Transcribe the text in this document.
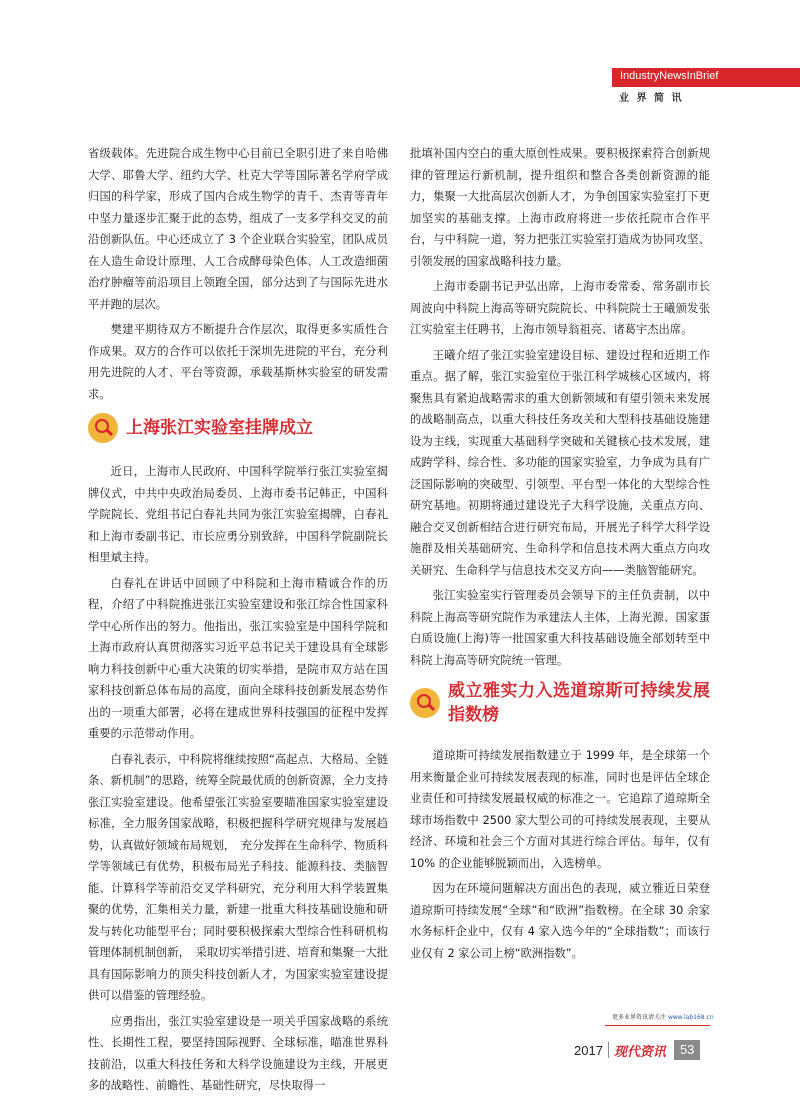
IndustryNewsInBrief
业 界 简 讯

省级载体。先进院合成生物中心目前已全职引进了来自哈佛大学、耶鲁大学、纽约大学、杜克大学等国际著名学府学成归国的科学家，形成了国内合成生物学的青千、杰青等青年中坚力量逐步汇聚于此的态势，组成了一支多学科交叉的前沿创新队伍。中心还成立了 3 个企业联合实验室，团队成员在人造生命设计原理、人工合成酵母染色体、人工改造细菌治疗肿瘤等前沿项目上领跑全国，部分达到了与国际先进水平并跑的层次。

樊建平期待双方不断提升合作层次，取得更多实质性合作成果。双方的合作可以依托于深圳先进院的平台，充分利用先进院的人才、平台等资源，承载基斯林实验室的研发需求。

上海张江实验室挂牌成立

近日，上海市人民政府、中国科学院举行张江实验室揭牌仪式，中共中央政治局委员、上海市委书记韩正，中国科学院院长、党组书记白春礼共同为张江实验室揭牌，白春礼和上海市委副书记、市长应勇分别致辞，中国科学院副院长相里斌主持。

白春礼在讲话中回顾了中科院和上海市精诚合作的历程，介绍了中科院推进张江实验室建设和张江综合性国家科学中心所作出的努力。他指出，张江实验室是中国科学院和上海市政府认真贯彻落实习近平总书记关于建设具有全球影响力科技创新中心重大决策的切实举措，是院市双方站在国家科技创新总体布局的高度，面向全球科技创新发展态势作出的一项重大部署，必将在建成世界科技强国的征程中发挥重要的示范带动作用。

白春礼表示，中科院将继续按照“高起点、大格局、全链条、新机制”的思路，统筹全院最优质的创新资源，全力支持张江实验室建设。他希望张江实验室要瞄准国家实验室建设标准，全力服务国家战略，积极把握科学研究规律与发展趋势，认真做好领域布局规划，　充分发挥在生命科学、物质科学等领域已有优势，积极布局光子科技、能源科技、类脑智能、计算科学等前沿交叉学科研究，充分利用大科学装置集聚的优势，汇集相关力量，新建一批重大科技基础设施和研发与转化功能型平台；同时要积极探索大型综合性科研机构管理体制机制创新，　采取切实举措引进、培育和集聚一大批具有国际影响力的顶尖科技创新人才，为国家实验室建设提供可以借鉴的管理经验。

应勇指出，张江实验室建设是一项关乎国家战略的系统性、长期性工程，要坚持国际视野、全球标准，瞄准世界科技前沿，以重大科技任务和大科学设施建设为主线，开展更多的战略性、前瞻性、基础性研究，尽快取得一

批填补国内空白的重大原创性成果。要积极探索符合创新规律的管理运行新机制，提升组织和整合各类创新资源的能力，集聚一大批高层次创新人才，为争创国家实验室打下更加坚实的基础支撑。上海市政府将进一步依托院市合作平台，与中科院一道，努力把张江实验室打造成为协同攻坚、引领发展的国家战略科技力量。

上海市委副书记尹弘出席，上海市委常委、常务副市长周波向中科院上海高等研究院院长、中科院院士王曦颁发张江实验室主任聘书，上海市领导翁祖亮、诸葛宇杰出席。

王曦介绍了张江实验室建设目标、建设过程和近期工作重点。据了解，张江实验室位于张江科学城核心区域内，将聚焦具有紧迫战略需求的重大创新领域和有望引领未来发展的战略制高点，以重大科技任务攻关和大型科技基础设施建设为主线，实现重大基础科学突破和关键核心技术发展，建成跨学科、综合性、多功能的国家实验室，力争成为具有广泛国际影响的突破型、引领型、平台型一体化的大型综合性研究基地。初期将通过建设光子大科学设施，关重点方向、融合交叉创新相结合进行研究布局，开展光子科学大科学设施群及相关基础研究、生命科学和信息技术两大重点方向攻关研究、生命科学与信息技术交叉方向——类脑智能研究。

张江实验室实行管理委员会领导下的主任负责制，以中科院上海高等研究院作为承建法人主体，上海光源、国家蛋白质设施(上海)等一批国家重大科技基础设施全部划转至中科院上海高等研究院统一管理。

威立雅实力入选道琼斯可持续发展指数榜

道琼斯可持续发展指数建立于 1999 年，是全球第一个用来衡量企业可持续发展表现的标准，同时也是评估全球企业责任和可持续发展最权威的标准之一。它追踪了道琼斯全球市场指数中 2500 家大型公司的可持续发展表现，主要从经济、环境和社会三个方面对其进行综合评估。每年，仅有 10% 的企业能够脱颖而出，入选榜单。

因为在环境问题解决方面出色的表现，威立雅近日荣登道琼斯可持续发展“全球”和“欧洲”指数榜。在全球 30 余家水务标杆企业中，仅有 4 家入选今年的“全球指数”；而该行业仅有 2 家公司上榜“欧洲指数”。

更多业界资讯请关注 www.lab168.cn
2017 现代资讯	53
